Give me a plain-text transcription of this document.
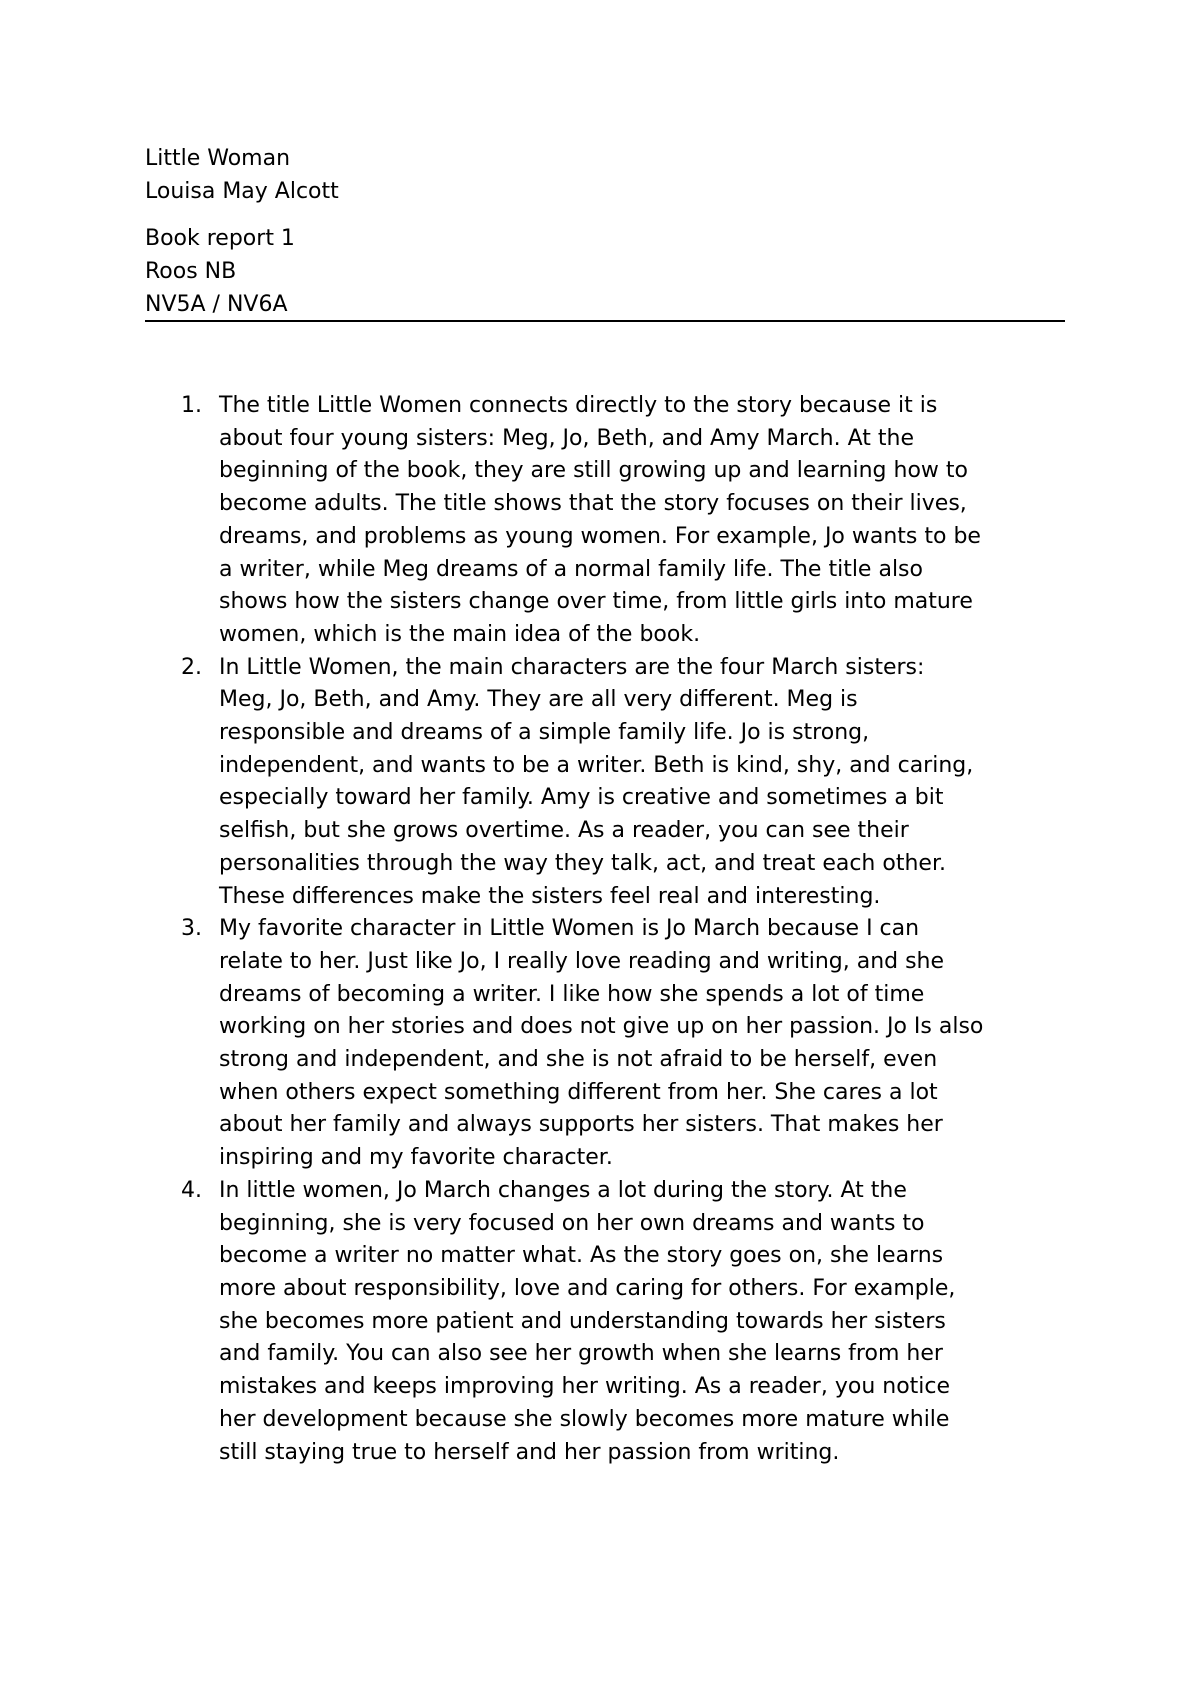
Little Woman
Louisa May Alcott
Book report 1
Roos NB
NV5A / NV6A
1. The title Little Women connects directly to the story because it is
about four young sisters: Meg, Jo, Beth, and Amy March. At the
beginning of the book, they are still growing up and learning how to
become adults. The title shows that the story focuses on their lives,
dreams, and problems as young women. For example, Jo wants to be
a writer, while Meg dreams of a normal family life. The title also
shows how the sisters change over time, from little girls into mature
women, which is the main idea of the book.
2. In Little Women, the main characters are the four March sisters:
Meg, Jo, Beth, and Amy. They are all very different. Meg is
responsible and dreams of a simple family life. Jo is strong,
independent, and wants to be a writer. Beth is kind, shy, and caring,
especially toward her family. Amy is creative and sometimes a bit
selfish, but she grows overtime. As a reader, you can see their
personalities through the way they talk, act, and treat each other.
These differences make the sisters feel real and interesting.
3. My favorite character in Little Women is Jo March because I can
relate to her. Just like Jo, I really love reading and writing, and she
dreams of becoming a writer. I like how she spends a lot of time
working on her stories and does not give up on her passion. Jo Is also
strong and independent, and she is not afraid to be herself, even
when others expect something different from her. She cares a lot
about her family and always supports her sisters. That makes her
inspiring and my favorite character.
4. In little women, Jo March changes a lot during the story. At the
beginning, she is very focused on her own dreams and wants to
become a writer no matter what. As the story goes on, she learns
more about responsibility, love and caring for others. For example,
she becomes more patient and understanding towards her sisters
and family. You can also see her growth when she learns from her
mistakes and keeps improving her writing. As a reader, you notice
her development because she slowly becomes more mature while
still staying true to herself and her passion from writing.
